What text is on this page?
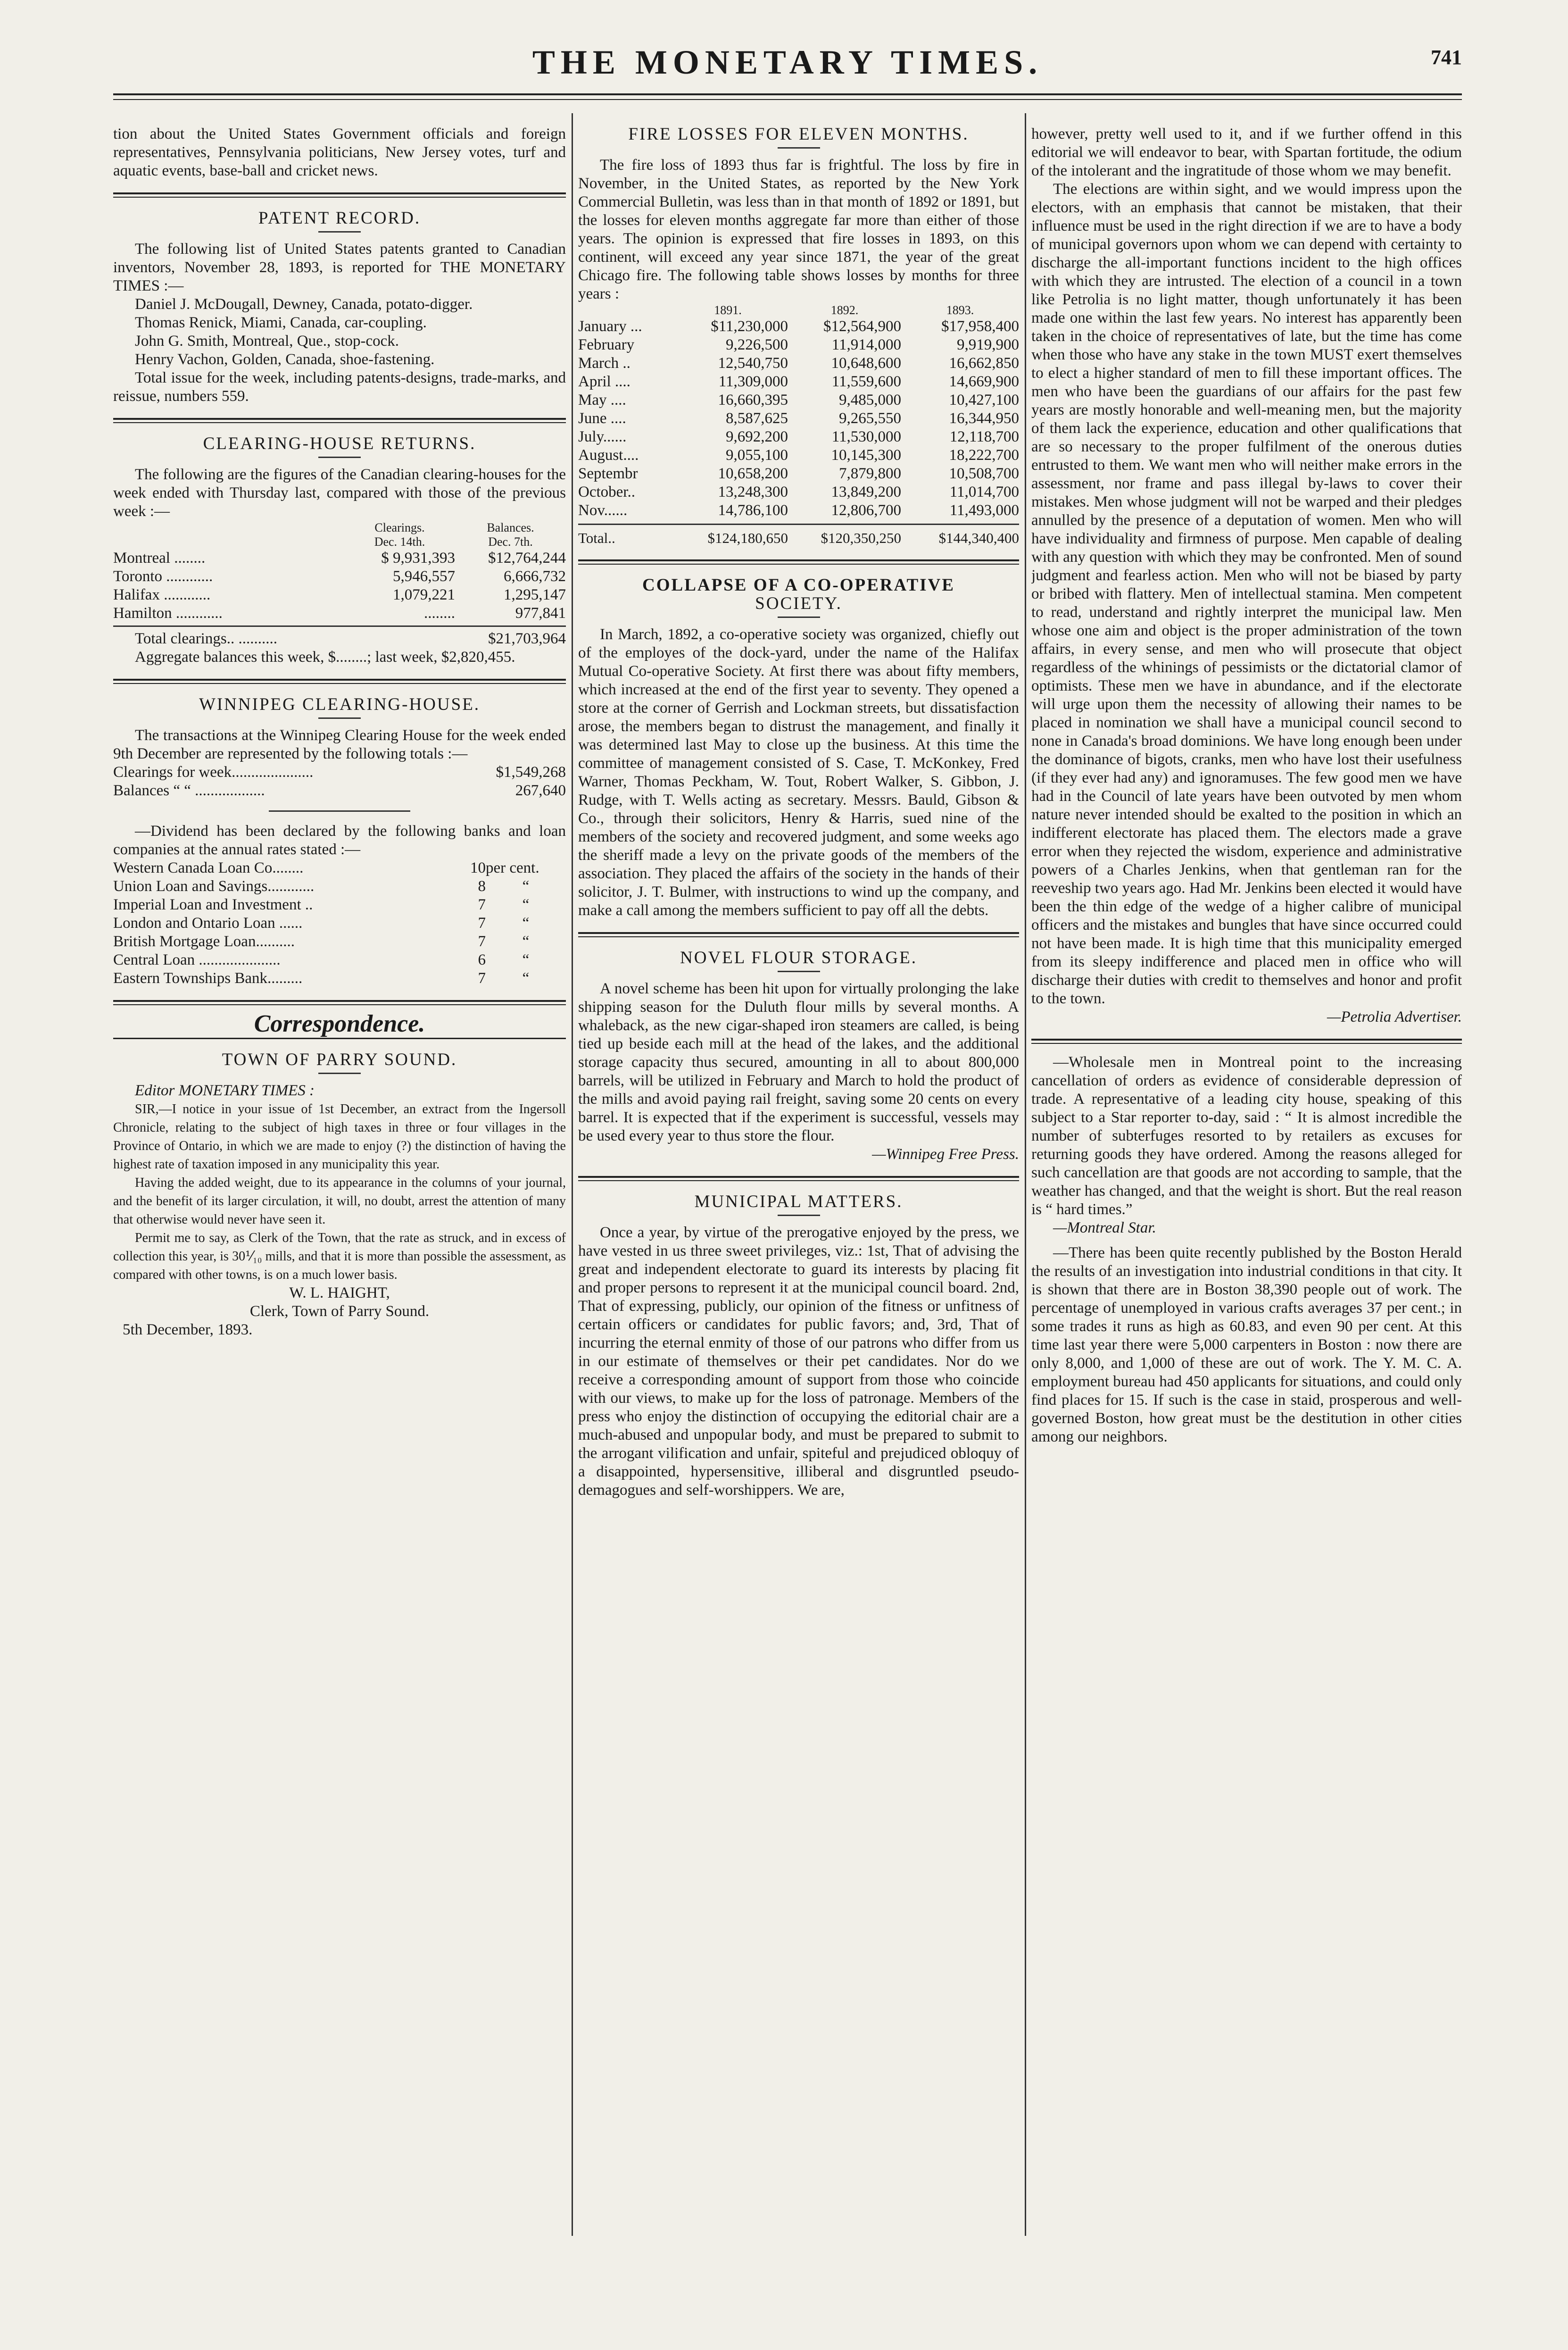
THE MONETARY TIMES.	741

tion about the United States Government officials and foreign representatives, Pennsylvania politicians, New Jersey votes, turf and aquatic events, base-ball and cricket news.

PATENT RECORD.

The following list of United States patents granted to Canadian inventors, November 28, 1893, is reported for THE MONETARY TIMES :—

Daniel J. McDougall, Dewney, Canada, potato-digger.

Thomas Renick, Miami, Canada, car-coupling.

John G. Smith, Montreal, Que., stop-cock.

Henry Vachon, Golden, Canada, shoe-fastening.

Total issue for the week, including patents-designs, trade-marks, and reissue, numbers 559.

CLEARING-HOUSE RETURNS.

The following are the figures of the Canadian clearing-houses for the week ended with Thursday last, compared with those of the previous week :—

Clearings.	Balances.
Dec. 14th.	Dec. 7th.
Montreal ........	$ 9,931,393	$12,764,244
Toronto ............	5,946,557	6,666,732
Halifax ............	1,079,221	1,295,147
Hamilton ............	........	977,841
Total clearings.. ..........	$21,703,964

Aggregate balances this week, $........; last week, $2,820,455.

WINNIPEG CLEARING-HOUSE.

The transactions at the Winnipeg Clearing House for the week ended 9th December are represented by the following totals :—

Clearings for week.....................	$1,549,268
Balances “ “ ..................	267,640

—Dividend has been declared by the following banks and loan companies at the annual rates stated :—

Western Canada Loan Co........	10 per cent.
Union Loan and Savings............	8	“
Imperial Loan and Investment ..	7	“
London and Ontario Loan ......	7	“
British Mortgage Loan..........	7	“
Central Loan .....................	6	“
Eastern Townships Bank.........	7	“
Correspondence.
TOWN OF PARRY SOUND.

Editor MONETARY TIMES :

SIR,—I notice in your issue of 1st December, an extract from the Ingersoll Chronicle, relating to the subject of high taxes in three or four villages in the Province of Ontario, in which we are made to enjoy (?) the distinction of having the highest rate of taxation imposed in any municipality this year.

Having the added weight, due to its appearance in the columns of your journal, and the benefit of its larger circulation, it will, no doubt, arrest the attention of many that otherwise would never have seen it.

Permit me to say, as Clerk of the Town, that the rate as struck, and in excess of collection this year, is 30⅟₁₀ mills, and that it is more than possible the assessment, as compared with other towns, is on a much lower basis.

W. L. HAIGHT,

Clerk, Town of Parry Sound.

5th December, 1893.

FIRE LOSSES FOR ELEVEN MONTHS.

The fire loss of 1893 thus far is frightful. The loss by fire in November, in the United States, as reported by the New York Commercial Bulletin, was less than in that month of 1892 or 1891, but the losses for eleven months aggregate far more than either of those years. The opinion is expressed that fire losses in 1893, on this continent, will exceed any year since 1871, the year of the great Chicago fire. The following table shows losses by months for three years :

1891.	1892.	1893.
January ...	$11,230,000	$12,564,900	$17,958,400
February	9,226,500	11,914,000	9,919,900
March ..	12,540,750	10,648,600	16,662,850
April ....	11,309,000	11,559,600	14,669,900
May ....	16,660,395	9,485,000	10,427,100
June ....	8,587,625	9,265,550	16,344,950
July......	9,692,200	11,530,000	12,118,700
August....	9,055,100	10,145,300	18,222,700
Septembr	10,658,200	7,879,800	10,508,700
October..	13,248,300	13,849,200	11,014,700
Nov......	14,786,100	12,806,700	11,493,000
Total..	$124,180,650	$120,350,250	$144,340,400
COLLAPSE OF A CO-OPERATIVE
SOCIETY.

In March, 1892, a co-operative society was organized, chiefly out of the employes of the dock-yard, under the name of the Halifax Mutual Co-operative Society. At first there was about fifty members, which increased at the end of the first year to seventy. They opened a store at the corner of Gerrish and Lockman streets, but dissatisfaction arose, the members began to distrust the management, and finally it was determined last May to close up the business. At this time the committee of management consisted of S. Case, T. McKonkey, Fred Warner, Thomas Peckham, W. Tout, Robert Walker, S. Gibbon, J. Rudge, with T. Wells acting as secretary. Messrs. Bauld, Gibson & Co., through their solicitors, Henry & Harris, sued nine of the members of the society and recovered judgment, and some weeks ago the sheriff made a levy on the private goods of the members of the association. They placed the affairs of the society in the hands of their solicitor, J. T. Bulmer, with instructions to wind up the company, and make a call among the members sufficient to pay off all the debts.

NOVEL FLOUR STORAGE.

A novel scheme has been hit upon for virtually prolonging the lake shipping season for the Duluth flour mills by several months. A whaleback, as the new cigar-shaped iron steamers are called, is being tied up beside each mill at the head of the lakes, and the additional storage capacity thus secured, amounting in all to about 800,000 barrels, will be utilized in February and March to hold the product of the mills and avoid paying rail freight, saving some 20 cents on every barrel. It is expected that if the experiment is successful, vessels may be used every year to thus store the flour.

—Winnipeg Free Press.

MUNICIPAL MATTERS.

Once a year, by virtue of the prerogative enjoyed by the press, we have vested in us three sweet privileges, viz.: 1st, That of advising the great and independent electorate to guard its interests by placing fit and proper persons to represent it at the municipal council board. 2nd, That of expressing, publicly, our opinion of the fitness or unfitness of certain officers or candidates for public favors; and, 3rd, That of incurring the eternal enmity of those of our patrons who differ from us in our estimate of themselves or their pet candidates. Nor do we receive a corresponding amount of support from those who coincide with our views, to make up for the loss of patronage. Members of the press who enjoy the distinction of occupying the editorial chair are a much-abused and unpopular body, and must be prepared to submit to the arrogant vilification and unfair, spiteful and prejudiced obloquy of a disappointed, hypersensitive, illiberal and disgruntled pseudo-demagogues and self-worshippers. We are,

however, pretty well used to it, and if we further offend in this editorial we will endeavor to bear, with Spartan fortitude, the odium of the intolerant and the ingratitude of those whom we may benefit.

The elections are within sight, and we would impress upon the electors, with an emphasis that cannot be mistaken, that their influence must be used in the right direction if we are to have a body of municipal governors upon whom we can depend with certainty to discharge the all-important functions incident to the high offices with which they are intrusted. The election of a council in a town like Petrolia is no light matter, though unfortunately it has been made one within the last few years. No interest has apparently been taken in the choice of representatives of late, but the time has come when those who have any stake in the town MUST exert themselves to elect a higher standard of men to fill these important offices. The men who have been the guardians of our affairs for the past few years are mostly honorable and well-meaning men, but the majority of them lack the experience, education and other qualifications that are so necessary to the proper fulfilment of the onerous duties entrusted to them. We want men who will neither make errors in the assessment, nor frame and pass illegal by-laws to cover their mistakes. Men whose judgment will not be warped and their pledges annulled by the presence of a deputation of women. Men who will have individuality and firmness of purpose. Men capable of dealing with any question with which they may be confronted. Men of sound judgment and fearless action. Men who will not be biased by party or bribed with flattery. Men of intellectual stamina. Men competent to read, understand and rightly interpret the municipal law. Men whose one aim and object is the proper administration of the town affairs, in every sense, and men who will prosecute that object regardless of the whinings of pessimists or the dictatorial clamor of optimists. These men we have in abundance, and if the electorate will urge upon them the necessity of allowing their names to be placed in nomination we shall have a municipal council second to none in Canada's broad dominions. We have long enough been under the dominance of bigots, cranks, men who have lost their usefulness (if they ever had any) and ignoramuses. The few good men we have had in the Council of late years have been outvoted by men whom nature never intended should be exalted to the position in which an indifferent electorate has placed them. The electors made a grave error when they rejected the wisdom, experience and administrative powers of a Charles Jenkins, when that gentleman ran for the reeveship two years ago. Had Mr. Jenkins been elected it would have been the thin edge of the wedge of a higher calibre of municipal officers and the mistakes and bungles that have since occurred could not have been made. It is high time that this municipality emerged from its sleepy indifference and placed men in office who will discharge their duties with credit to themselves and honor and profit to the town.

—Petrolia Advertiser.

—Wholesale men in Montreal point to the increasing cancellation of orders as evidence of considerable depression of trade. A representative of a leading city house, speaking of this subject to a Star reporter to-day, said : “ It is almost incredible the number of subterfuges resorted to by retailers as excuses for returning goods they have ordered. Among the reasons alleged for such cancellation are that goods are not according to sample, that the weather has changed, and that the weight is short. But the real reason is “ hard times.”

—Montreal Star.

—There has been quite recently published by the Boston Herald the results of an investigation into industrial conditions in that city. It is shown that there are in Boston 38,390 people out of work. The percentage of unemployed in various crafts averages 37 per cent.; in some trades it runs as high as 60.83, and even 90 per cent. At this time last year there were 5,000 carpenters in Boston : now there are only 8,000, and 1,000 of these are out of work. The Y. M. C. A. employment bureau had 450 applicants for situations, and could only find places for 15. If such is the case in staid, prosperous and well-governed Boston, how great must be the destitution in other cities among our neighbors.
